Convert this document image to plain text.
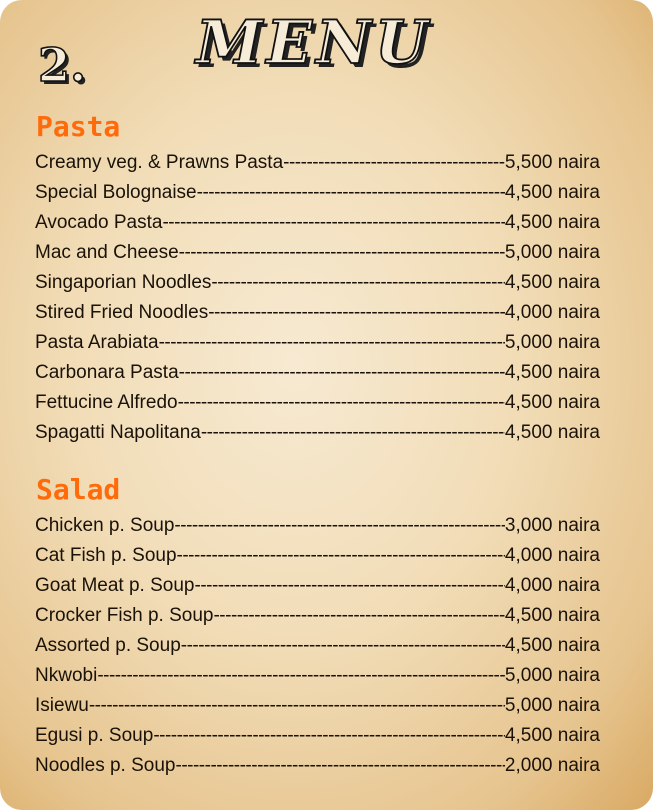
2. MENU
Pasta
Creamy veg. & Prawns Pasta -----	5,500 naira
Special Bolognaise -----	4,500 naira
Avocado Pasta -----	4,500 naira
Mac and Cheese -----	5,000 naira
Singaporian Noodles -----	4,500 naira
Stired Fried Noodles -----	4,000 naira
Pasta Arabiata -----	5,000 naira
Carbonara Pasta -----	4,500 naira
Fettucine Alfredo -----	4,500 naira
Spagatti Napolitana -----	4,500 naira
Salad
Chicken p. Soup -----	3,000 naira
Cat Fish p. Soup -----	4,000 naira
Goat Meat p. Soup -----	4,000 naira
Crocker Fish p. Soup -----	4,500 naira
Assorted p. Soup -----	4,500 naira
Nkwobi -----	5,000 naira
Isiewu -----	5,000 naira
Egusi p. Soup -----	4,500 naira
Noodles p. Soup -----	2,000 naira
